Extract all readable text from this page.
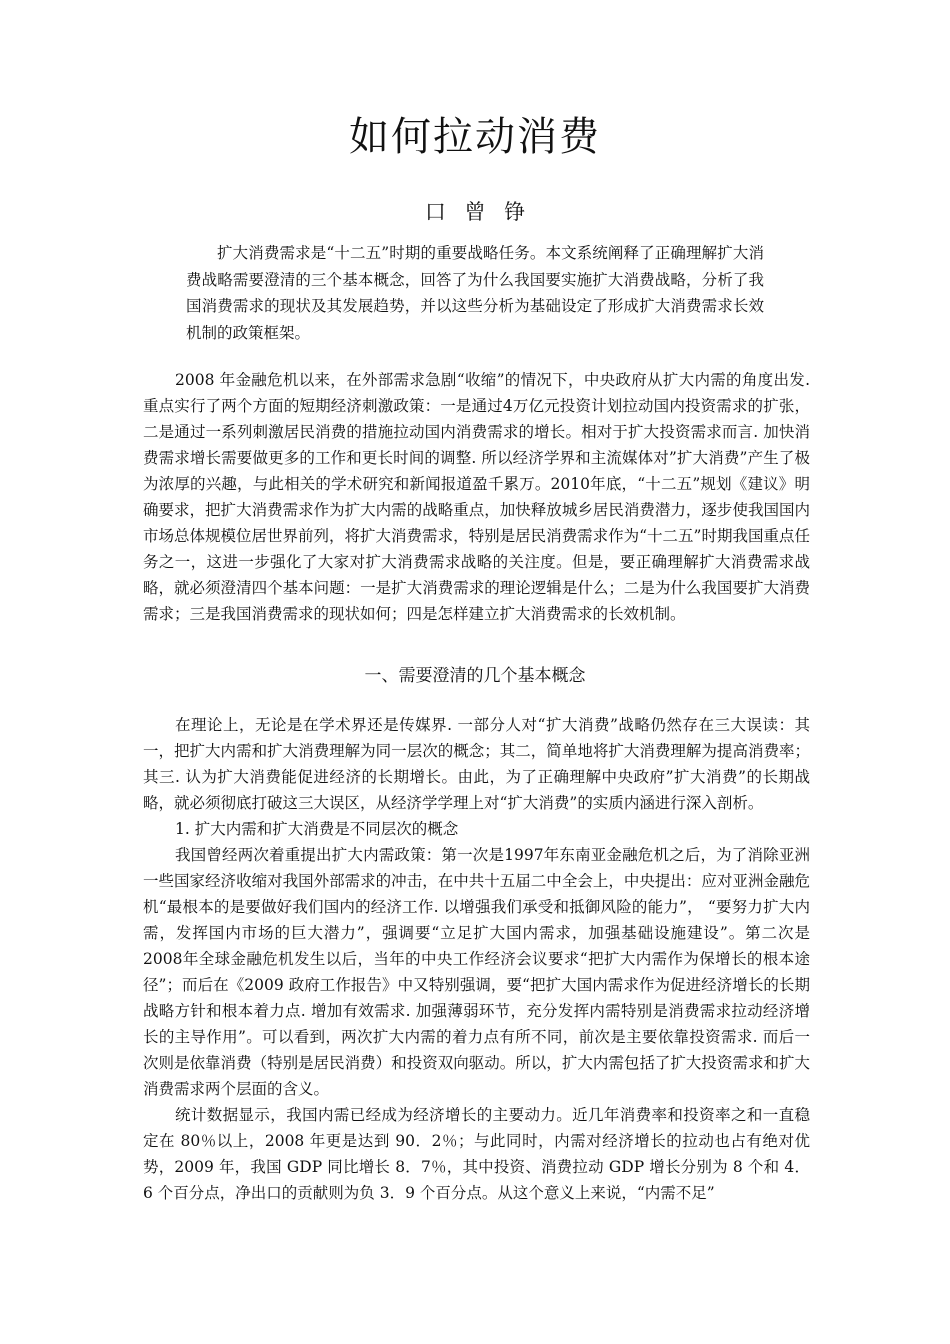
如何拉动消费
口 曾 铮

扩大消费需求是“十二五”时期的重要战略任务。本文系统阐释了正确理解扩大消费战略需要澄清的三个基本概念，回答了为什么我国要实施扩大消费战略，分析了我国消费需求的现状及其发展趋势，并以这些分析为基础设定了形成扩大消费需求长效机制的政策框架。

2008 年金融危机以来，在外部需求急剧“收缩”的情况下，中央政府从扩大内需的角度出发. 重点实行了两个方面的短期经济刺激政策：一是通过4万亿元投资计划拉动国内投资需求的扩张，二是通过一系列刺激居民消费的措施拉动国内消费需求的增长。相对于扩大投资需求而言. 加快消费需求增长需要做更多的工作和更长时间的调整. 所以经济学界和主流媒体对”扩大消费”产生了极为浓厚的兴趣，与此相关的学术研究和新闻报道盈千累万。2010年底，“十二五”规划《建议》明确要求，把扩大消费需求作为扩大内需的战略重点，加快释放城乡居民消费潜力，逐步使我国国内市场总体规模位居世界前列，将扩大消费需求，特别是居民消费需求作为“十二五”时期我国重点任务之一，这进一步强化了大家对扩大消费需求战略的关注度。但是，要正确理解扩大消费需求战略，就必须澄清四个基本问题：一是扩大消费需求的理论逻辑是什么；二是为什么我国要扩大消费需求；三是我国消费需求的现状如何；四是怎样建立扩大消费需求的长效机制。

一、需要澄清的几个基本概念

在理论上，无论是在学术界还是传媒界. 一部分人对“扩大消费”战略仍然存在三大误读：其一，把扩大内需和扩大消费理解为同一层次的概念；其二，简单地将扩大消费理解为提高消费率；其三. 认为扩大消费能促进经济的长期增长。由此，为了正确理解中央政府”扩大消费”的长期战略，就必须彻底打破这三大误区，从经济学学理上对“扩大消费”的实质内涵进行深入剖析。

1. 扩大内需和扩大消费是不同层次的概念

我国曾经两次着重提出扩大内需政策：第一次是1997年东南亚金融危机之后，为了消除亚洲一些国家经济收缩对我国外部需求的冲击，在中共十五届二中全会上，中央提出：应对亚洲金融危机“最根本的是要做好我们国内的经济工作. 以增强我们承受和抵御风险的能力”， “要努力扩大内需，发挥国内市场的巨大潜力”，强调要“立足扩大国内需求，加强基础设施建设”。第二次是2008年全球金融危机发生以后，当年的中央工作经济会议要求“把扩大内需作为保增长的根本途径”；而后在《2009 政府工作报告》中又特别强调，要“把扩大国内需求作为促进经济增长的长期战略方针和根本着力点. 增加有效需求. 加强薄弱环节，充分发挥内需特别是消费需求拉动经济增长的主导作用”。可以看到，两次扩大内需的着力点有所不同，前次是主要依靠投资需求. 而后一次则是依靠消费（特别是居民消费）和投资双向驱动。所以，扩大内需包括了扩大投资需求和扩大消费需求两个层面的含义。

统计数据显示，我国内需已经成为经济增长的主要动力。近几年消费率和投资率之和一直稳定在 80％以上，2008 年更是达到 90．2％；与此同时，内需对经济增长的拉动也占有绝对优势，2009 年，我国 GDP 同比增长 8．7％，其中投资、消费拉动 GDP 增长分别为 8 个和 4．6 个百分点，净出口的贡献则为负 3．9 个百分点。从这个意义上来说，“内需不足”
